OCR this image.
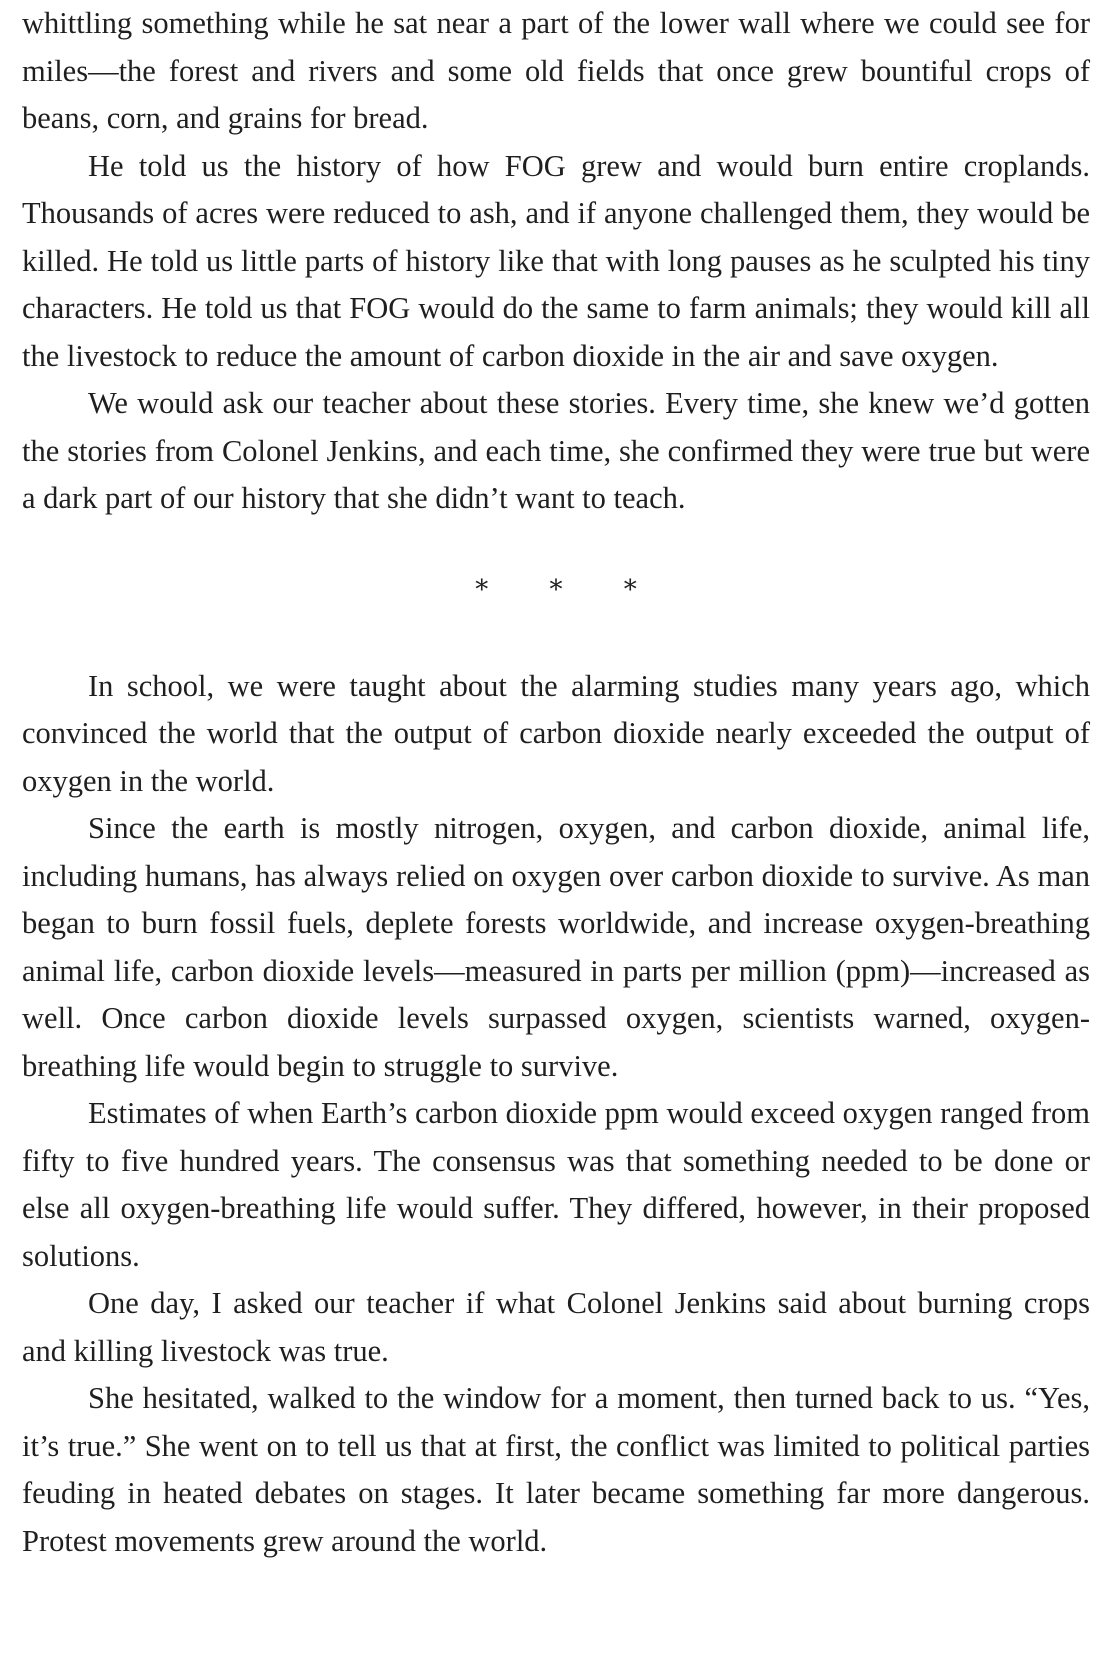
whittling something while he sat near a part of the lower wall where we could see for miles—the forest and rivers and some old fields that once grew bountiful crops of beans, corn, and grains for bread.

He told us the history of how FOG grew and would burn entire croplands. Thousands of acres were reduced to ash, and if anyone challenged them, they would be killed. He told us little parts of history like that with long pauses as he sculpted his tiny characters. He told us that FOG would do the same to farm animals; they would kill all the livestock to reduce the amount of carbon dioxide in the air and save oxygen.

We would ask our teacher about these stories. Every time, she knew we’d gotten the stories from Colonel Jenkins, and each time, she confirmed they were true but were a dark part of our history that she didn’t want to teach.

* * *

In school, we were taught about the alarming studies many years ago, which convinced the world that the output of carbon dioxide nearly exceeded the output of oxygen in the world.

Since the earth is mostly nitrogen, oxygen, and carbon dioxide, animal life, including humans, has always relied on oxygen over carbon dioxide to survive. As man began to burn fossil fuels, deplete forests worldwide, and increase oxygen-breathing animal life, carbon dioxide levels—measured in parts per million (ppm)—increased as well. Once carbon dioxide levels surpassed oxygen, scientists warned, oxygen-breathing life would begin to struggle to survive.

Estimates of when Earth’s carbon dioxide ppm would exceed oxygen ranged from fifty to five hundred years. The consensus was that something needed to be done or else all oxygen-breathing life would suffer. They differed, however, in their proposed solutions.

One day, I asked our teacher if what Colonel Jenkins said about burning crops and killing livestock was true.

She hesitated, walked to the window for a moment, then turned back to us. “Yes, it’s true.” She went on to tell us that at first, the conflict was limited to political parties feuding in heated debates on stages. It later became something far more dangerous. Protest movements grew around the world.
